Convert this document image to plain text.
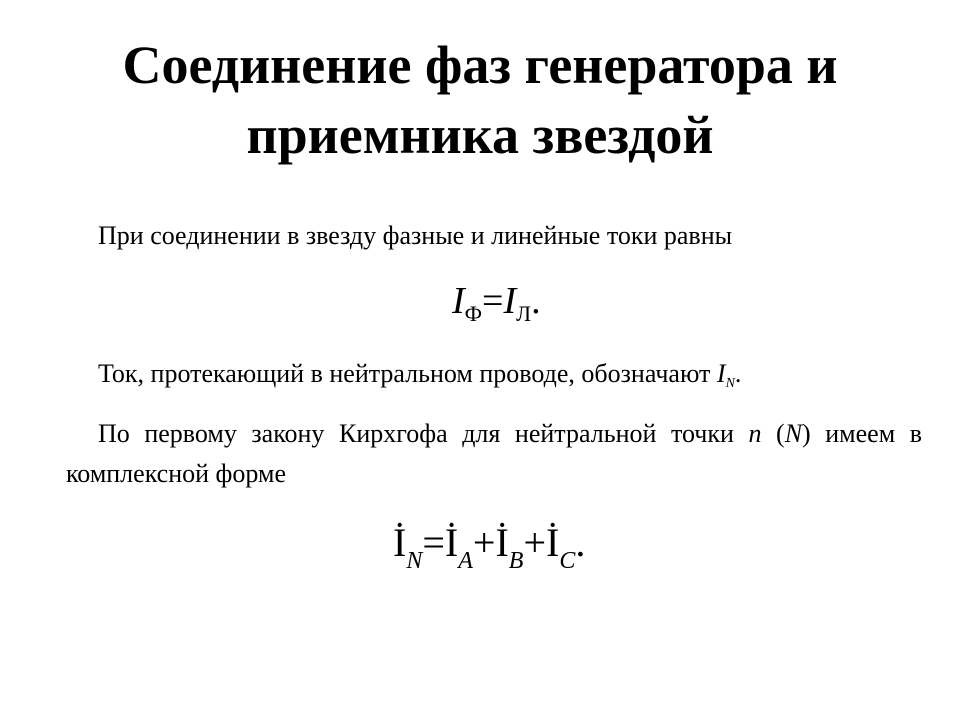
Соединение фаз генератора и
приемника звездой

При соединении в звезду фазные и линейные токи равны

$I_Ф=I_Л$.

Ток, протекающий в нейтральном проводе, обозначают IN.

По первому закону Кирхгофа для нейтральной точки n (N) имеем в комплексной форме

$İ_N=İ_A+İ_B+İ_C$.
